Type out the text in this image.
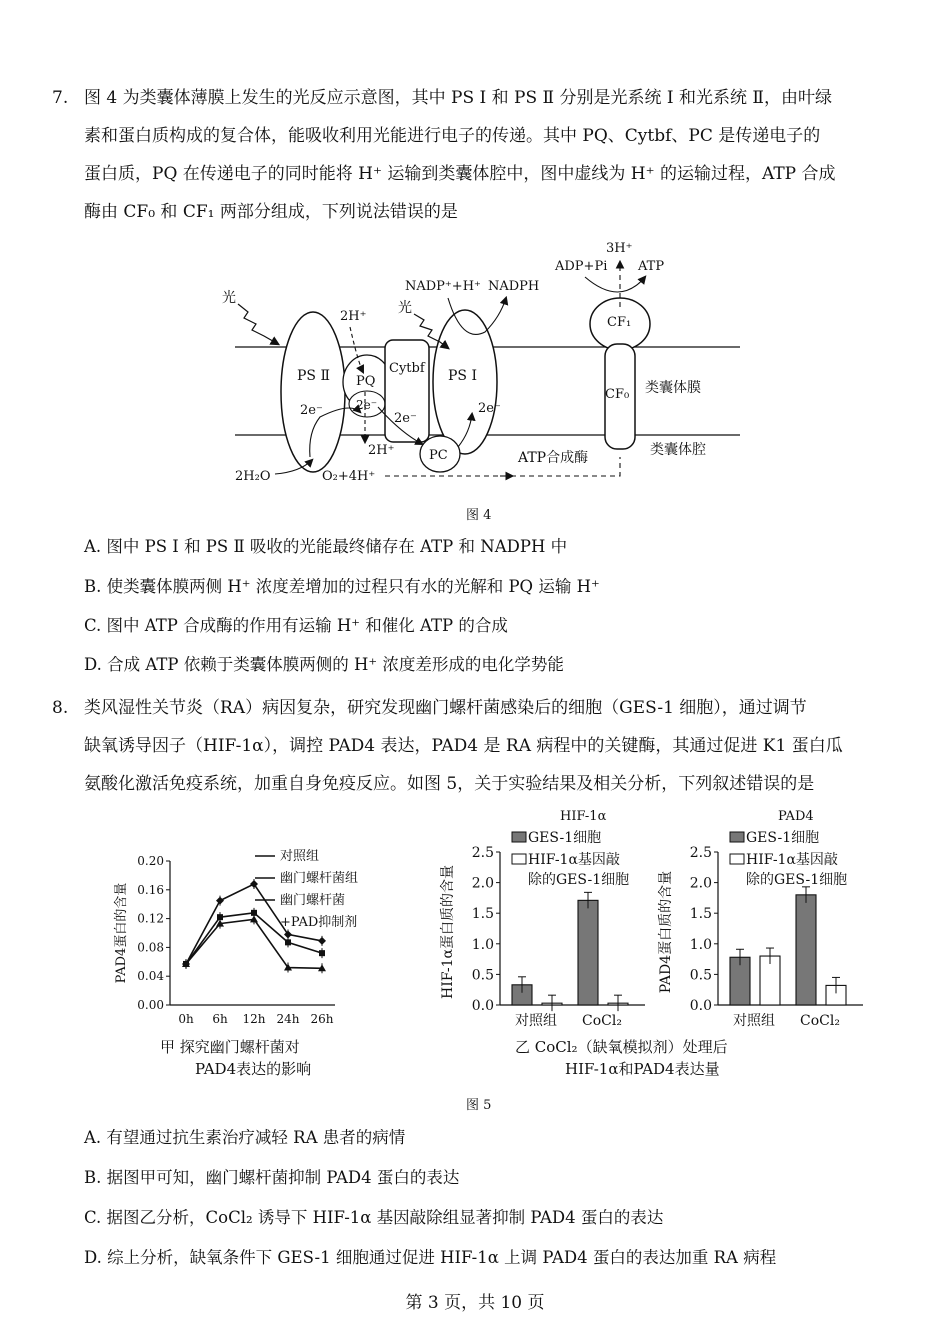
7. 图 4 为类囊体薄膜上发生的光反应示意图，其中 PS Ⅰ 和 PS Ⅱ 分别是光系统 Ⅰ 和光系统 Ⅱ，由叶绿
素和蛋白质构成的复合体，能吸收利用光能进行电子的传递。其中 PQ、Cytbf、PC 是传递电子的
蛋白质，PQ 在传递电子的同时能将 H⁺ 运输到类囊体腔中，图中虚线为 H⁺ 的运输过程，ATP 合成
酶由 CF₀ 和 CF₁ 两部分组成，下列说法错误的是
PS Ⅱ
2e⁻
PQ
2e⁻
Cytbf
2e⁻
PS Ⅰ
2e⁻
PC
CF₁
CF₀
光
光
2H⁺
2H⁺
NADP⁺+H⁺ NADPH
2H₂O	O₂+4H⁺
3H⁺
ADP+Pi ATP
类囊体膜
类囊体腔
ATP合成酶
图 4
A. 图中 PS Ⅰ 和 PS Ⅱ 吸收的光能最终储存在 ATP 和 NADPH 中
B. 使类囊体膜两侧 H⁺ 浓度差增加的过程只有水的光解和 PQ 运输 H⁺
C. 图中 ATP 合成酶的作用有运输 H⁺ 和催化 ATP 的合成
D. 合成 ATP 依赖于类囊体膜两侧的 H⁺ 浓度差形成的电化学势能
8. 类风湿性关节炎（RA）病因复杂，研究发现幽门螺杆菌感染后的细胞（GES-1 细胞），通过调节
缺氧诱导因子（HIF-1α），调控 PAD4 表达，PAD4 是 RA 病程中的关键酶，其通过促进 K1 蛋白瓜
氨酸化激活免疫系统，加重自身免疫反应。如图 5，关于实验结果及相关分析，下列叙述错误的是
0.00
0.04
0.08
0.12
0.16
0.20
0h 6h 12h 24h 26h
PAD4蛋白的含量
对照组
幽门螺杆菌组
幽门螺杆菌
+PAD抑制剂
甲 探究幽门螺杆菌对
PAD4表达的影响
0.0
0.5
1.0
1.5
2.0
2.5
HIF-1α
HIF-1α蛋白质的含量
对照组 CoCl₂
GES-1细胞
HIF-1α基因敲
除的GES-1细胞
0.0
0.5
1.0
1.5
2.0
2.5
PAD4
PAD4蛋白质的含量
对照组 CoCl₂
GES-1细胞
HIF-1α基因敲
除的GES-1细胞
乙 CoCl₂（缺氧模拟剂）处理后
HIF-1α和PAD4表达量
图 5
A. 有望通过抗生素治疗减轻 RA 患者的病情
B. 据图甲可知，幽门螺杆菌抑制 PAD4 蛋白的表达
C. 据图乙分析，CoCl₂ 诱导下 HIF-1α 基因敲除组显著抑制 PAD4 蛋白的表达
D. 综上分析，缺氧条件下 GES-1 细胞通过促进 HIF-1α 上调 PAD4 蛋白的表达加重 RA 病程
第 3 页，共 10 页
